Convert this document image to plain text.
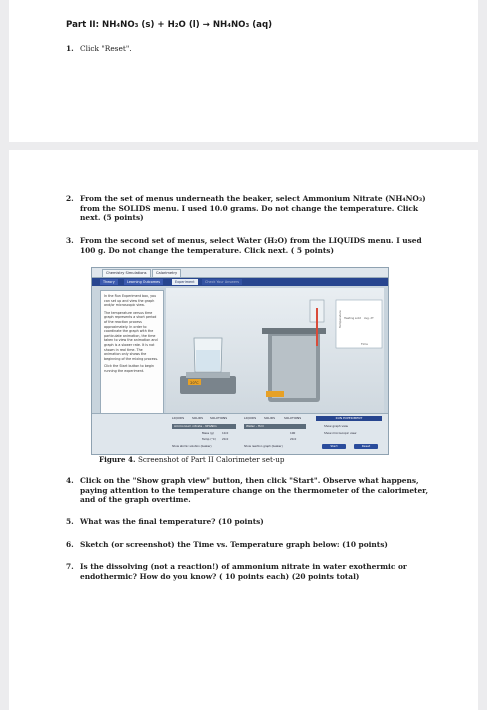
Part II: NH₄NO₃ (s) + H₂O (l) → NH₄NO₃ (aq)
1. Click "Reset".
2. From the set of menus underneath the beaker, select Ammonium Nitrate (NH₄NO₃) from the SOLIDS menu. I used 10.0 grams. Do not change the temperature. Click next. (5 points)
3. From the second set of menus, select Water (H₂O) from the LIQUIDS menu. I used 100 g. Do not change the temperature. Click next. ( 5 points)
Chemistry Simulations	Calorimetry
Theory	Learning Outcomes	Experiment	Check Your Answers
In the Run Experiment box, you can set up and view the graph and/or microscopic view.
The temperature versus time graph represents a short period of the reaction process approximately. In order to coordinate the graph with the particulate animation, the time taken to view the animation and graph is a slower rate. It is not shown in real time. The animation only shows the beginning of the mixing process.
Click the Start button to begin running the experiment.
20°C
Temperature
Time
Heating solid Avg. dT
LIQUIDS	SOLIDS SOLUTIONS	LIQUIDS	SOLIDS	SOLUTIONS
Ammonium nitrate - NH₄NO₃	Water - H₂O
Mass (g)	10.0
Temp (°C) 20.0
100
20.0
Show atomic solution (beaker)	Show reaction graph (beaker)
RUN EXPERIMENT
Show graph view
Show microscopic view
Start	Reset
Figure 4. Screenshot of Part II Calorimeter set-up
4. Click on the "Show graph view" button, then click "Start". Observe what happens, paying attention to the temperature change on the thermometer of the calorimeter, and of the graph overtime.
5. What was the final temperature? (10 points)
6. Sketch (or screenshot) the Time vs. Temperature graph below: (10 points)
7. Is the dissolving (not a reaction!) of ammonium nitrate in water exothermic or endothermic? How do you know? ( 10 points each) (20 points total)
